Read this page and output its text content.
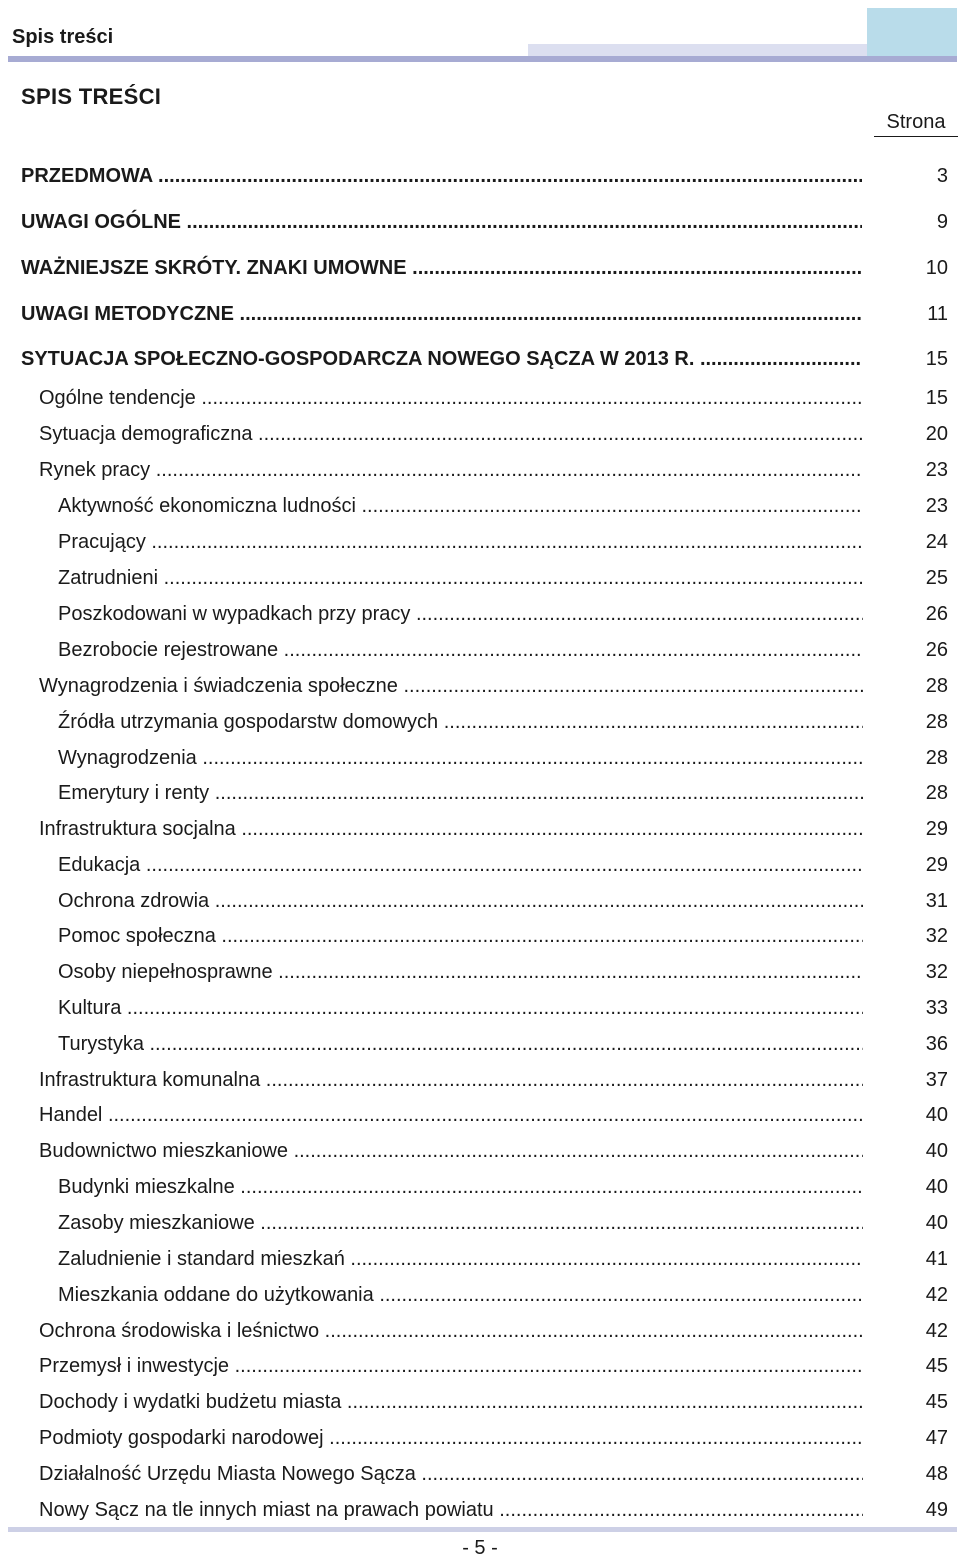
Spis treści
SPIS TREŚCI
Strona
PRZEDMOWA .....	3
UWAGI OGÓLNE .....	9
WAŻNIEJSZE SKRÓTY. ZNAKI UMOWNE .....	10
UWAGI METODYCZNE .....	11
SYTUACJA SPOŁECZNO-GOSPODARCZA NOWEGO SĄCZA W 2013 R. .....	15
Ogólne tendencje .....	15
Sytuacja demograficzna .....	20
Rynek pracy .....	23
Aktywność ekonomiczna ludności .....	23
Pracujący .....	24
Zatrudnieni .....	25
Poszkodowani w wypadkach przy pracy .....	26
Bezrobocie rejestrowane .....	26
Wynagrodzenia i świadczenia społeczne .....	28
Źródła utrzymania gospodarstw domowych .....	28
Wynagrodzenia .....	28
Emerytury i renty .....	28
Infrastruktura socjalna .....	29
Edukacja .....	29
Ochrona zdrowia .....	31
Pomoc społeczna .....	32
Osoby niepełnosprawne .....	32
Kultura .....	33
Turystyka .....	36
Infrastruktura komunalna .....	37
Handel .....	40
Budownictwo mieszkaniowe .....	40
Budynki mieszkalne .....	40
Zasoby mieszkaniowe .....	40
Zaludnienie i standard mieszkań .....	41
Mieszkania oddane do użytkowania .....	42
Ochrona środowiska i leśnictwo .....	42
Przemysł i inwestycje .....	45
Dochody i wydatki budżetu miasta .....	45
Podmioty gospodarki narodowej .....	47
Działalność Urzędu Miasta Nowego Sącza .....	48
Nowy Sącz na tle innych miast na prawach powiatu .....	49
- 5 -
